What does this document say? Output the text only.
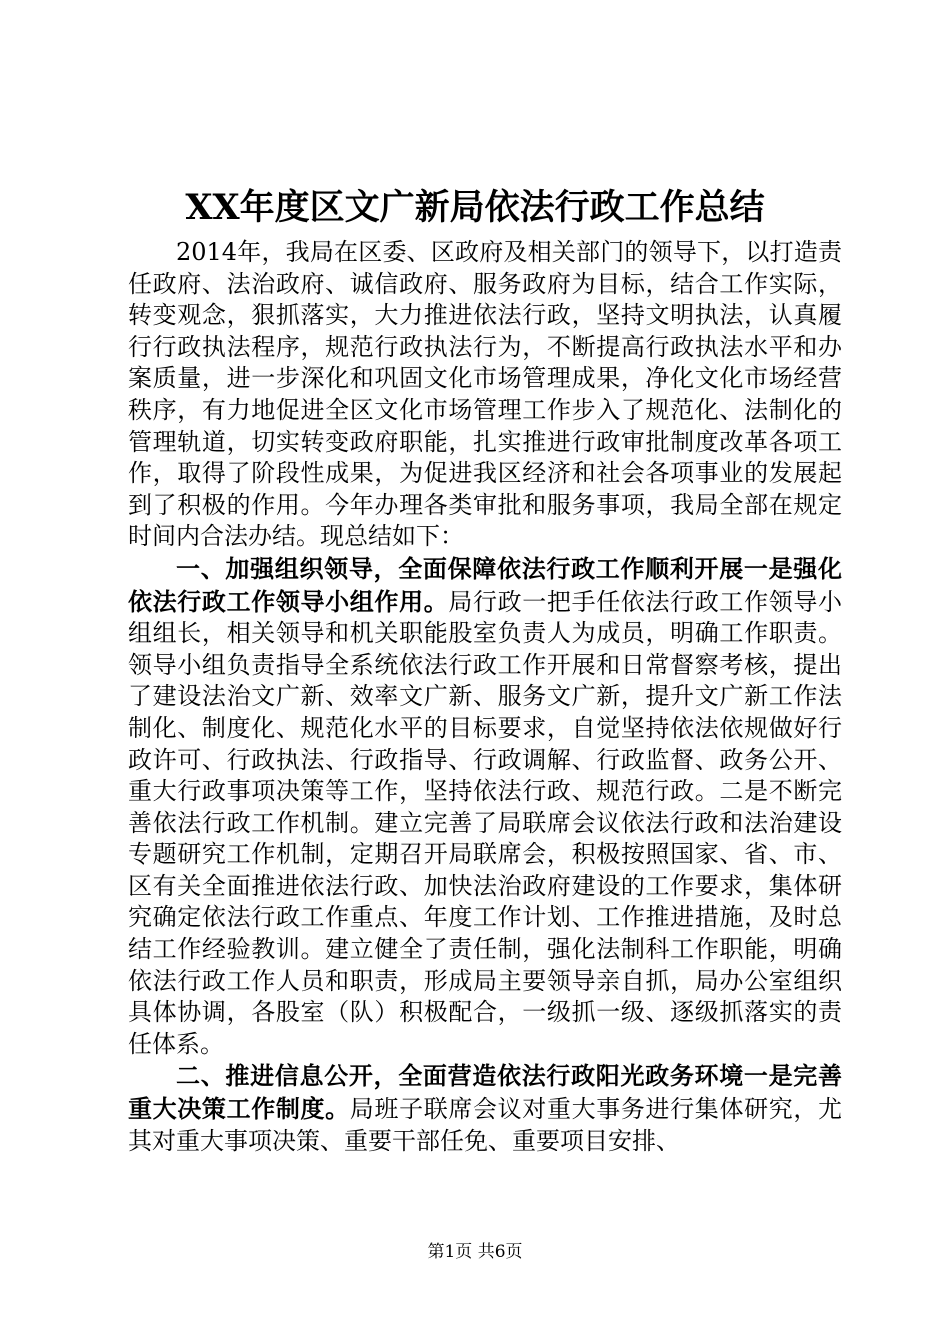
XX年度区文广新局依法行政工作总结

2014年，我局在区委、区政府及相关部门的领导下，以打造责任政府、法治政府、诚信政府、服务政府为目标，结合工作实际，转变观念，狠抓落实，大力推进依法行政，坚持文明执法，认真履行行政执法程序，规范行政执法行为，不断提高行政执法水平和办案质量，进一步深化和巩固文化市场管理成果，净化文化市场经营秩序，有力地促进全区文化市场管理工作步入了规范化、法制化的管理轨道，切实转变政府职能，扎实推进行政审批制度改革各项工作，取得了阶段性成果，为促进我区经济和社会各项事业的发展起到了积极的作用。今年办理各类审批和服务事项，我局全部在规定时间内合法办结。现总结如下：

一、加强组织领导，全面保障依法行政工作顺利开展一是强化依法行政工作领导小组作用。局行政一把手任依法行政工作领导小组组长，相关领导和机关职能股室负责人为成员，明确工作职责。领导小组负责指导全系统依法行政工作开展和日常督察考核，提出了建设法治文广新、效率文广新、服务文广新，提升文广新工作法制化、制度化、规范化水平的目标要求，自觉坚持依法依规做好行政许可、行政执法、行政指导、行政调解、行政监督、政务公开、重大行政事项决策等工作，坚持依法行政、规范行政。二是不断完善依法行政工作机制。建立完善了局联席会议依法行政和法治建设专题研究工作机制，定期召开局联席会，积极按照国家、省、市、区有关全面推进依法行政、加快法治政府建设的工作要求，集体研究确定依法行政工作重点、年度工作计划、工作推进措施，及时总结工作经验教训。建立健全了责任制，强化法制科工作职能，明确依法行政工作人员和职责，形成局主要领导亲自抓，局办公室组织具体协调，各股室（队）积极配合，一级抓一级、逐级抓落实的责任体系。

二、推进信息公开，全面营造依法行政阳光政务环境一是完善重大决策工作制度。局班子联席会议对重大事务进行集体研究，尤其对重大事项决策、重要干部任免、重要项目安排、

第1页 共6页
